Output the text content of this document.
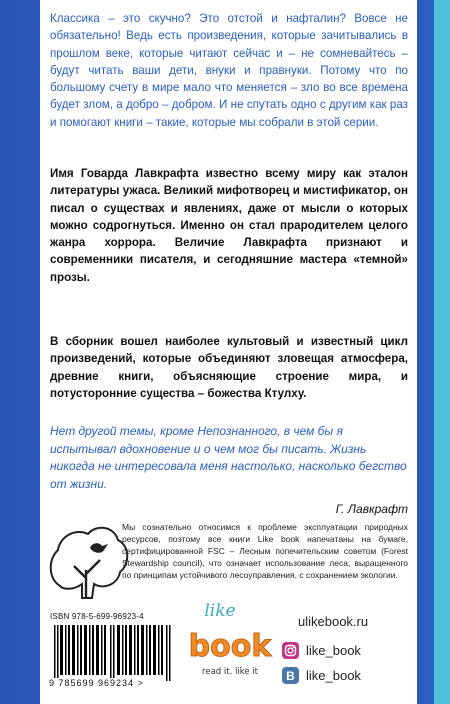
Классика – это скучно? Это отстой и нафталин? Вовсе не обязательно! Ведь есть произведения, которые зачитывались в прошлом веке, которые читают сейчас и – не сомневайтесь – будут читать ваши дети, внуки и правнуки. Потому что по большому счету в мире мало что меняется – зло во все времена будет злом, а добро – добром. И не спутать одно с другим как раз и помогают книги – такие, которые мы собрали в этой серии.

Имя Говарда Лавкрафта известно всему миру как эталон литературы ужаса. Великий мифотворец и мистификатор, он писал о существах и явлениях, даже от мысли о которых можно содрогнуться. Именно он стал прародителем целого жанра хоррора. Величие Лавкрафта признают и современники писателя, и сегодняшние мастера «темной» прозы.

В сборник вошел наиболее культовый и известный цикл произведений, которые объединяют зловещая атмосфера, древние книги, объясняющие строение мира, и потусторонние существа – божества Ктулху.

Нет другой темы, кроме Непознанного, в чем бы я испытывал вдохновение и о чем мог бы писать. Жизнь никогда не интересовала меня настолько, насколько бегство от жизни.

Г. Лавкрафт

Мы сознательно относимся к проблеме эксплуатации природных ресурсов, поэтому все книги Like book напечатаны на бумаге, сертифицированной FSC – Лесным попечительским советом (Forest Stewardship council), что означает использование леса, выращенного по принципам устойчивого лесоуправления, с сохранением экологии.

ISBN 978-5-699-96923-4
9 785699 969234 >
like
book
read it. like it

ulikebook.ru

like_book
В like_book
